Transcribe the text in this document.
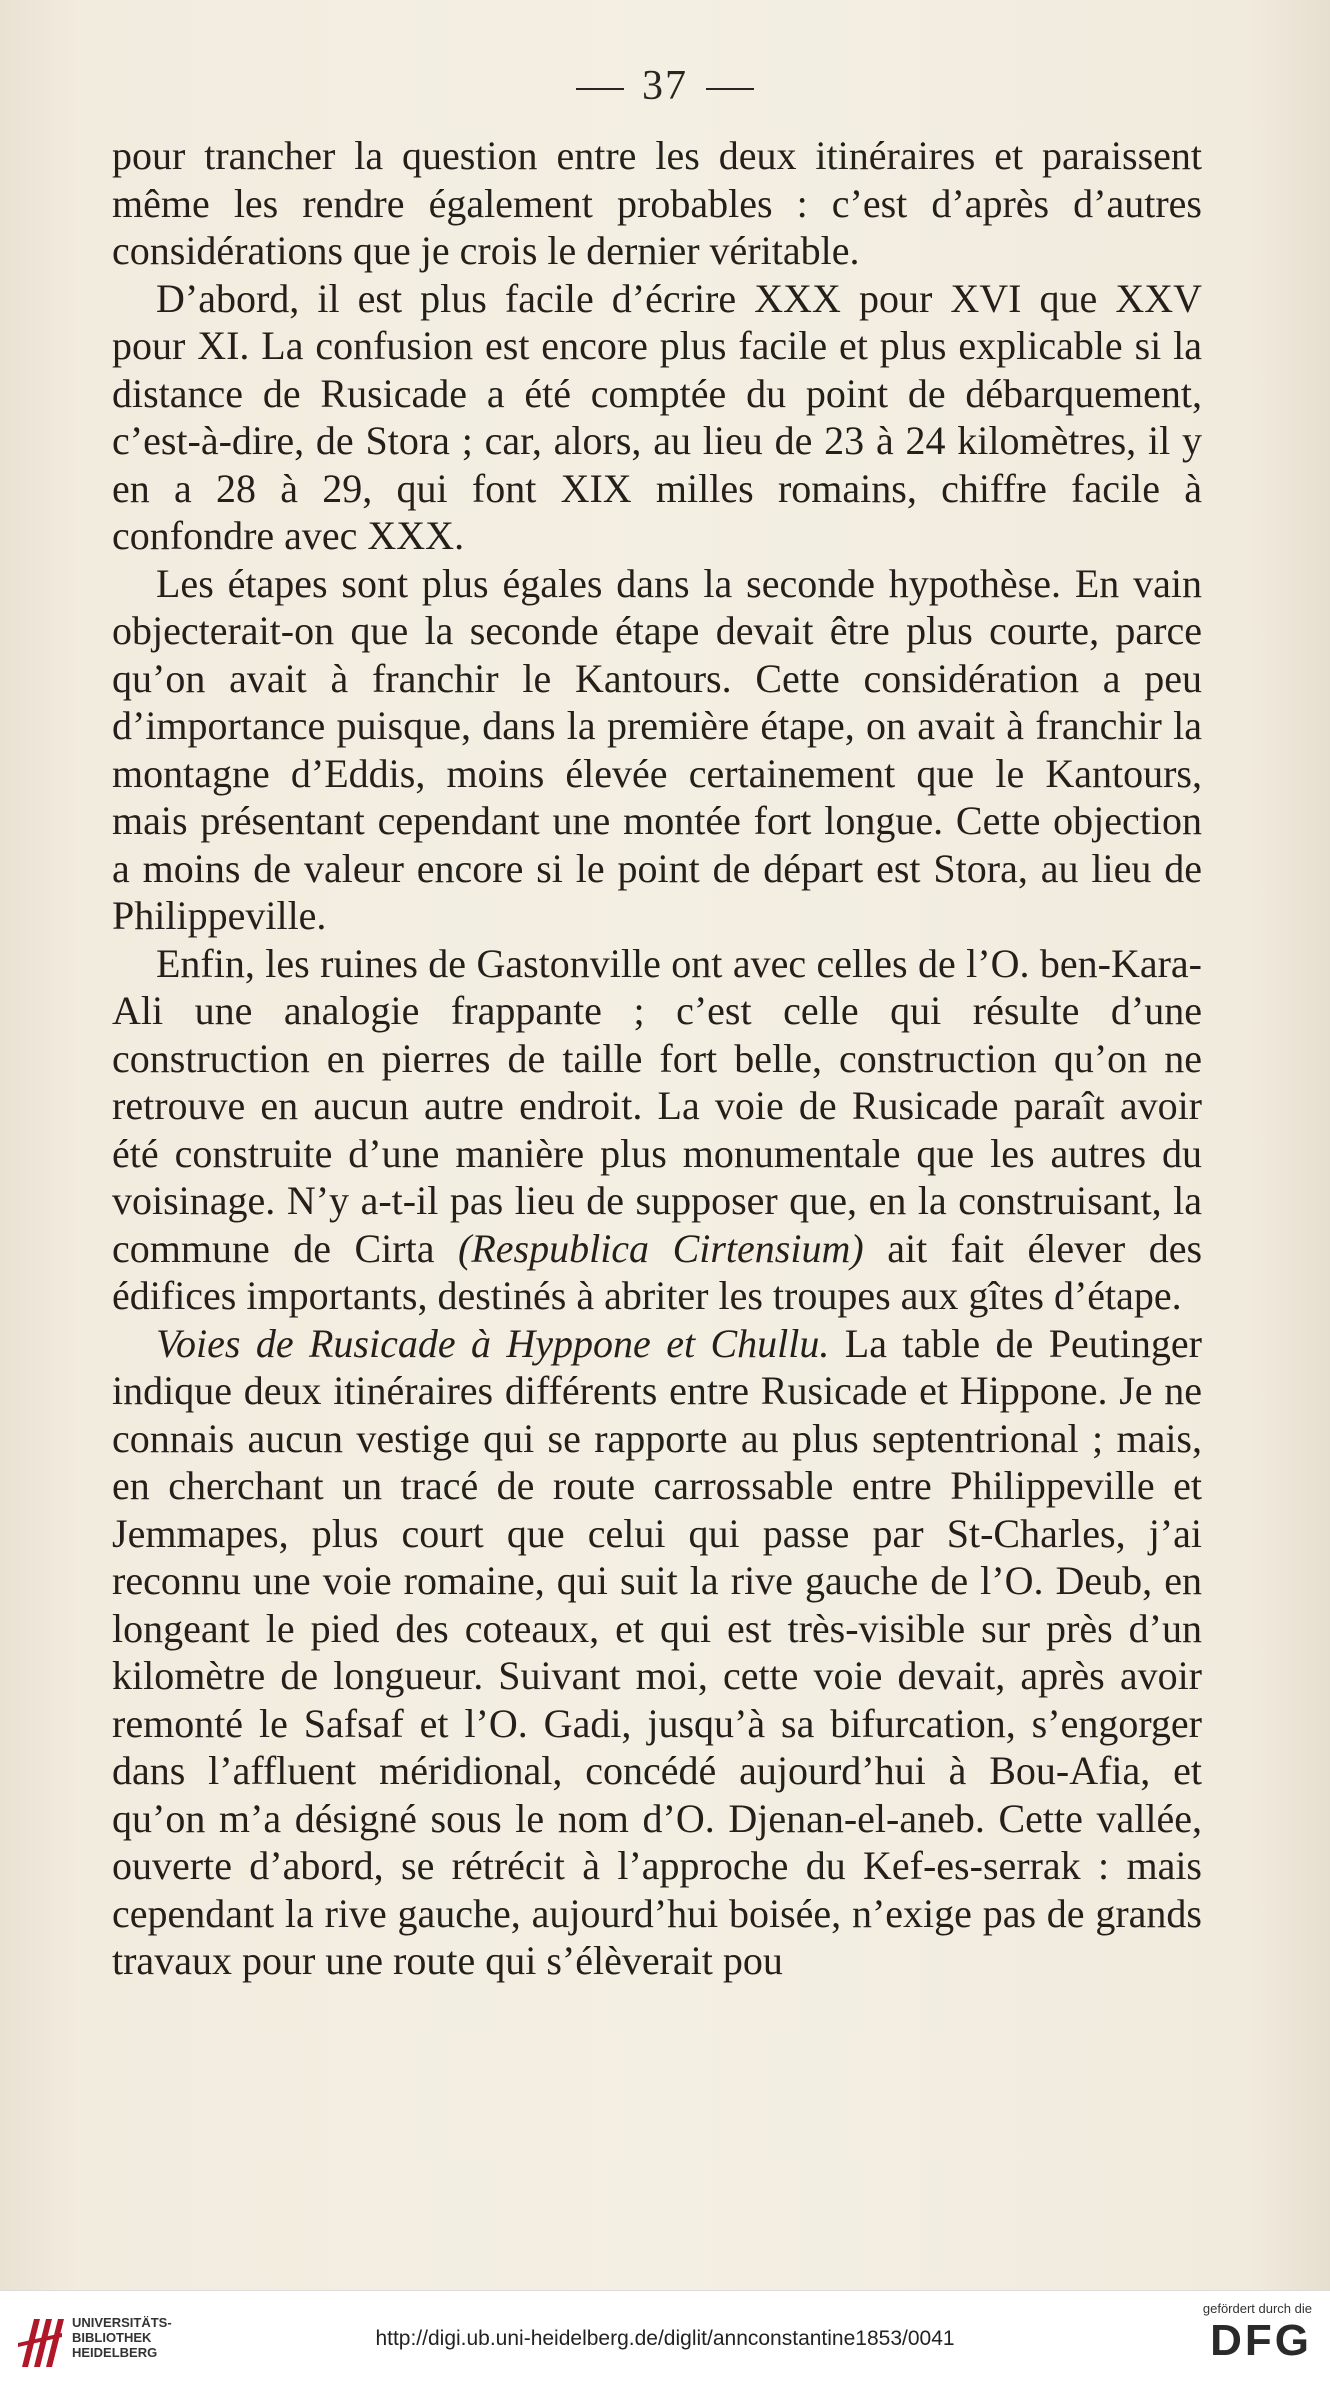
37

pour trancher la question entre les deux itinéraires et paraissent même les rendre également probables : c’est d’après d’autres considérations que je crois le dernier véritable.

D’abord, il est plus facile d’écrire XXX pour XVI que XXV pour XI. La confusion est encore plus facile et plus explicable si la distance de Rusicade a été comptée du point de débarquement, c’est-à-dire, de Stora ; car, alors, au lieu de 23 à 24 kilomètres, il y en a 28 à 29, qui font XIX milles romains, chiffre facile à confondre avec XXX.

Les étapes sont plus égales dans la seconde hypothèse. En vain objecterait-on que la seconde étape devait être plus courte, parce qu’on avait à franchir le Kantours. Cette considération a peu d’importance puisque, dans la première étape, on avait à franchir la montagne d’Eddis, moins élevée certainement que le Kantours, mais présentant cependant une montée fort longue. Cette objection a moins de valeur encore si le point de départ est Stora, au lieu de Philippeville.

Enfin, les ruines de Gastonville ont avec celles de l’O. ben-Kara-Ali une analogie frappante ; c’est celle qui résulte d’une construction en pierres de taille fort belle, construction qu’on ne retrouve en aucun autre endroit. La voie de Rusicade paraît avoir été construite d’une manière plus monumentale que les autres du voisinage. N’y a-t-il pas lieu de supposer que, en la construisant, la commune de Cirta (Respublica Cirtensium) ait fait élever des édifices importants, destinés à abriter les troupes aux gîtes d’étape.

Voies de Rusicade à Hyppone et Chullu. La table de Peutinger indique deux itinéraires différents entre Rusicade et Hippone. Je ne connais aucun vestige qui se rapporte au plus septentrional ; mais, en cherchant un tracé de route carrossable entre Philippeville et Jemmapes, plus court que celui qui passe par St-Charles, j’ai reconnu une voie romaine, qui suit la rive gauche de l’O. Deub, en longeant le pied des coteaux, et qui est très-visible sur près d’un kilomètre de longueur. Suivant moi, cette voie devait, après avoir remonté le Safsaf et l’O. Gadi, jusqu’à sa bifurcation, s’engorger dans l’affluent méridional, concédé aujourd’hui à Bou-Afia, et qu’on m’a désigné sous le nom d’O. Djenan-el-aneb. Cette vallée, ouverte d’abord, se rétrécit à l’approche du Kef-es-serrak : mais cependant la rive gauche, aujourd’hui boisée, n’exige pas de grands travaux pour une route qui s’élèverait pou

UNIVERSITÄTS-
BIBLIOTHEK
HEIDELBERG
http://digi.ub.uni-heidelberg.de/diglit/annconstantine1853/0041
gefördert durch die
DFG
